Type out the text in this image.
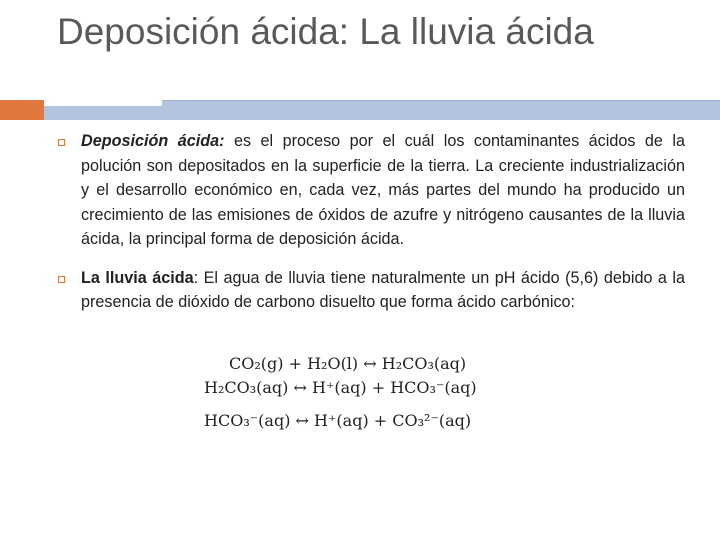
Deposición ácida: La lluvia ácida

Deposición ácida: es el proceso por el cuál los contaminantes ácidos de la polución son depositados en la superficie de la tierra. La creciente industrialización y el desarrollo económico en, cada vez, más partes del mundo ha producido un crecimiento de las emisiones de óxidos de azufre y nitrógeno causantes de la lluvia ácida, la principal forma de deposición ácida.

La lluvia ácida: El agua de lluvia tiene naturalmente un pH ácido (5,6) debido a la presencia de dióxido de carbono disuelto que forma ácido carbónico:

CO₂(g) + H₂O(l) ↔ H₂CO₃(aq)
H₂CO₃(aq) ↔ H⁺(aq) + HCO₃⁻(aq)
HCO₃⁻(aq) ↔ H⁺(aq) + CO₃²⁻(aq)
